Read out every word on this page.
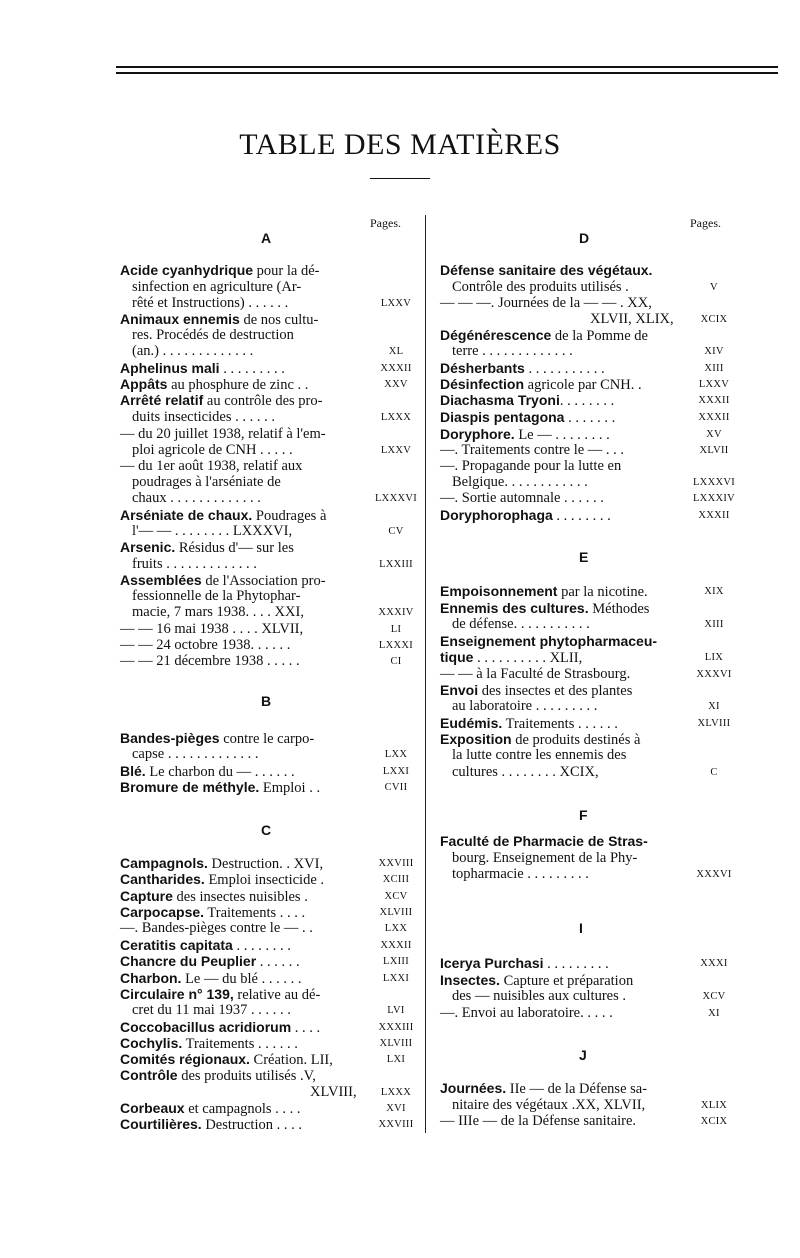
TABLE DES MATIÈRES
Pages.	Pages.
A
B
C
Acide cyanhydrique pour la dé-
sinfection en agriculture (Ar-
rêté et Instructions) . . . . . .	LXXV
Animaux ennemis de nos cultu-
res. Procédés de destruction
(an.) . . . . . . . . . . . . .	XL
Aphelinus mali . . . . . . . . .	XXXII
Appâts au phosphure de zinc . .	XXV
Arrêté relatif au contrôle des pro-
duits insecticides . . . . . .	LXXX
— du 20 juillet 1938, relatif à l'em-
ploi agricole de CNH . . . . .	LXXV
— du 1er août 1938, relatif aux
poudrages à l'arséniate de
chaux . . . . . . . . . . . . .	LXXXVI
Arséniate de chaux. Poudrages à
l'— — . . . . . . . . LXXXVI,	CV
Arsenic. Résidus d'— sur les
fruits . . . . . . . . . . . . .	LXXIII
Assemblées de l'Association pro-
fessionnelle de la Phytophar-
macie, 7 mars 1938. . . . XXI,	XXXIV
— — 16 mai 1938 . . . . XLVII,	LI
— — 24 octobre 1938. . . . . .	LXXXI
— — 21 décembre 1938 . . . . .	CI
Bandes-pièges contre le carpo-
capse . . . . . . . . . . . . .	LXX
Blé. Le charbon du — . . . . . .	LXXI
Bromure de méthyle. Emploi . .	CVII
Campagnols. Destruction. . XVI,	XXVIII
Cantharides. Emploi insecticide .	XCIII
Capture des insectes nuisibles .	XCV
Carpocapse. Traitements . . . .	XLVIII
—. Bandes-pièges contre le — . .	LXX
Ceratitis capitata . . . . . . . .	XXXII
Chancre du Peuplier . . . . . .	LXIII
Charbon. Le — du blé . . . . . .	LXXI
Circulaire n° 139, relative au dé-
cret du 11 mai 1937 . . . . . .	LVI
Coccobacillus acridiorum . . . .	XXXIII
Cochylis. Traitements . . . . . .	XLVIII
Comités régionaux. Création. LII,	LXI
Contrôle des produits utilisés .V,
XLVIII,	LXXX
Corbeaux et campagnols . . . .	XVI
Courtilières. Destruction . . . .	XXVIII
D
E
F
I
J
Défense sanitaire des végétaux.
Contrôle des produits utilisés .	V
— — —. Journées de la — — . XX,
XLVII, XLIX,	XCIX
Dégénérescence de la Pomme de
terre . . . . . . . . . . . . .	XIV
Désherbants . . . . . . . . . . .	XIII
Désinfection agricole par CNH. .	LXXV
Diachasma Tryoni. . . . . . . .	XXXII
Diaspis pentagona . . . . . . .	XXXII
Doryphore. Le — . . . . . . . .	XV
—. Traitements contre le — . . .	XLVII
—. Propagande pour la lutte en
Belgique. . . . . . . . . . . .	LXXXVI
—. Sortie automnale . . . . . .	LXXXIV
Doryphorophaga . . . . . . . .	XXXII
Empoisonnement par la nicotine.	XIX
Ennemis des cultures. Méthodes
de défense. . . . . . . . . . .	XIII
Enseignement phytopharmaceu-
tique . . . . . . . . . . XLII,	LIX
— — à la Faculté de Strasbourg.	XXXVI
Envoi des insectes et des plantes
au laboratoire . . . . . . . . .	XI
Eudémis. Traitements . . . . . .	XLVIII
Exposition de produits destinés à
la lutte contre les ennemis des
cultures . . . . . . . . XCIX,	C
Faculté de Pharmacie de Stras-
bourg. Enseignement de la Phy-
topharmacie . . . . . . . . .	XXXVI
Icerya Purchasi . . . . . . . . .	XXXI
Insectes. Capture et préparation
des — nuisibles aux cultures .	XCV
—. Envoi au laboratoire. . . . .	XI
Journées. IIe — de la Défense sa-
nitaire des végétaux .XX, XLVII,	XLIX
— IIIe — de la Défense sanitaire.	XCIX
